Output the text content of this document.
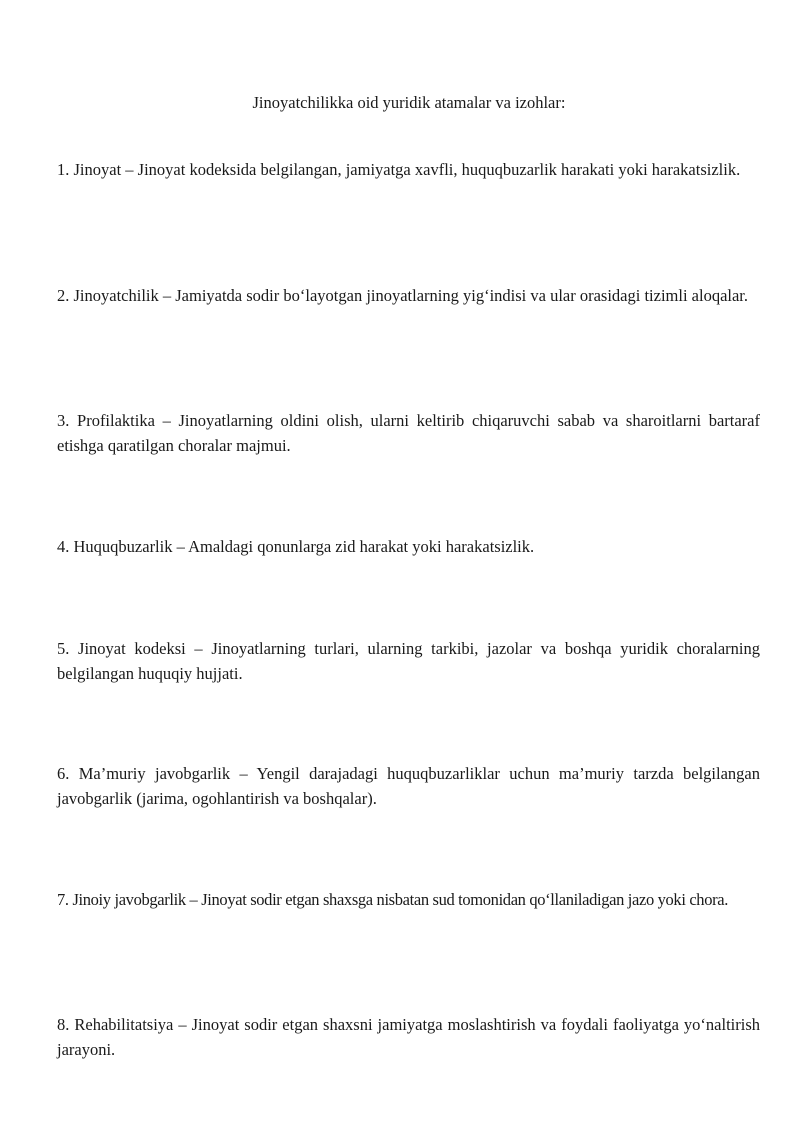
Jinoyatchilikka oid yuridik atamalar va izohlar:

1. Jinoyat – Jinoyat kodeksida belgilangan, jamiyatga xavfli, huquqbuzarlik harakati yoki harakatsizlik.

2. Jinoyatchilik – Jamiyatda sodir bo‘layotgan jinoyatlarning yig‘indisi va ular orasidagi tizimli aloqalar.

3. Profilaktika – Jinoyatlarning oldini olish, ularni keltirib chiqaruvchi sabab va sharoitlarni bartaraf etishga qaratilgan choralar majmui.

4. Huquqbuzarlik – Amaldagi qonunlarga zid harakat yoki harakatsizlik.

5. Jinoyat kodeksi – Jinoyatlarning turlari, ularning tarkibi, jazolar va boshqa yuridik choralarning belgilangan huquqiy hujjati.

6. Ma’muriy javobgarlik – Yengil darajadagi huquqbuzarliklar uchun ma’muriy tarzda belgilangan javobgarlik (jarima, ogohlantirish va boshqalar).

7. Jinoiy javobgarlik – Jinoyat sodir etgan shaxsga nisbatan sud tomonidan qo‘llaniladigan jazo yoki chora.

8. Rehabilitatsiya – Jinoyat sodir etgan shaxsni jamiyatga moslashtirish va foydali faoliyatga yo‘naltirish jarayoni.
